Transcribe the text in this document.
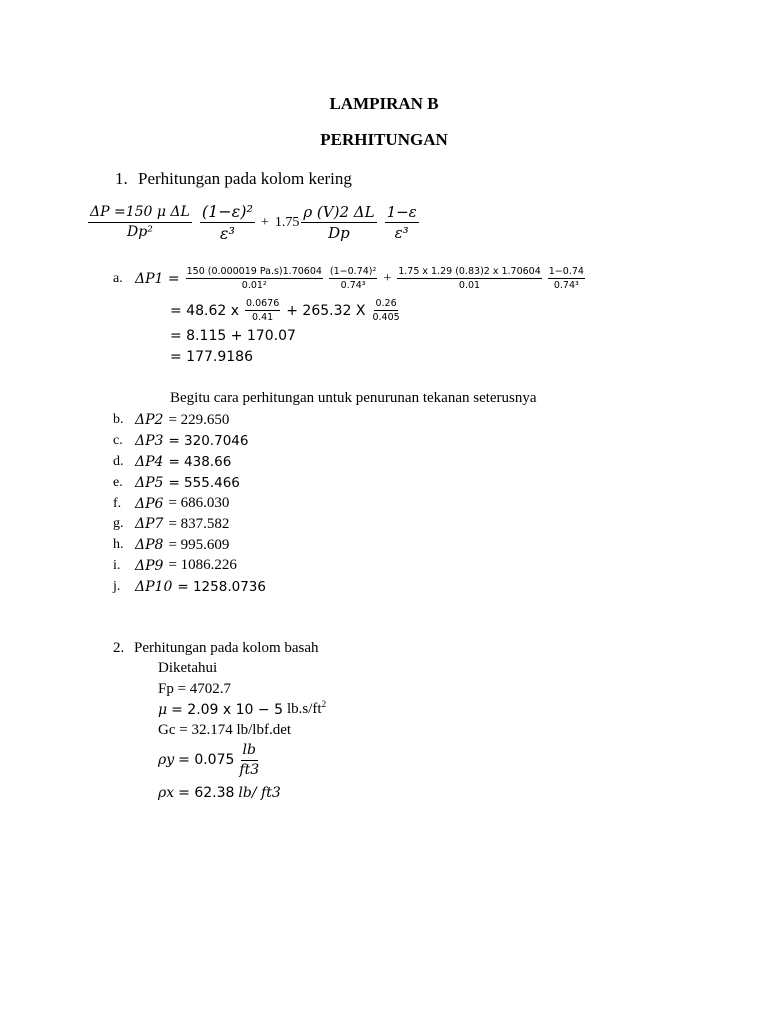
LAMPIRAN B
PERHITUNGAN
1. Perhitungan pada kolom kering
$\frac{\text{ΔP =150 μ ΔL}}{\text{Dp²}} \frac{\text{(1−ε)²}}{\text{ε³}} + 1.75 \frac{\rho (V)2 \Delta L}{Dp} \frac{1-\varepsilon}{\text{ε³}}$
a. $\Delta P1 = \frac{150 (0.000019 Pa.s)1.70604}{\text{0.01²}} \frac{\text{(1−0.74)²}}{\text{0.74³}} + \frac{1.75 x 1.29 (0.83)2 x 1.70604}{0.01} \frac{1-0.74}{\text{0.74³}}$
= 48.62 x $\frac{0.0676}{0.41} + 265.32$ X $\frac{0.26}{0.405}$
= 8.115 + 170.07
= 177.9186
Begitu cara perhitungan untuk penurunan tekanan seterusnya
b. ΔP2 = 229.650
c. ΔP3 = 320.7046
d. ΔP4 = 438.66
e. ΔP5 = 555.466
f. ΔP6 = 686.030
g. ΔP7 = 837.582
h. ΔP8 = 995.609
i.	ΔP9 = 1086.226
j.	ΔP10 = 1258.0736
2. Perhitungan pada kolom basah
Diketahui
Fp = 4702.7
μ = 2.09 x 10 − 5 $lb.s/ft^2$
Gc = 32.174 lb/lbf.det
$\rho y = 0.075 \frac{lb}{ft3}$
ρx = 62.38 lb/ ft3
